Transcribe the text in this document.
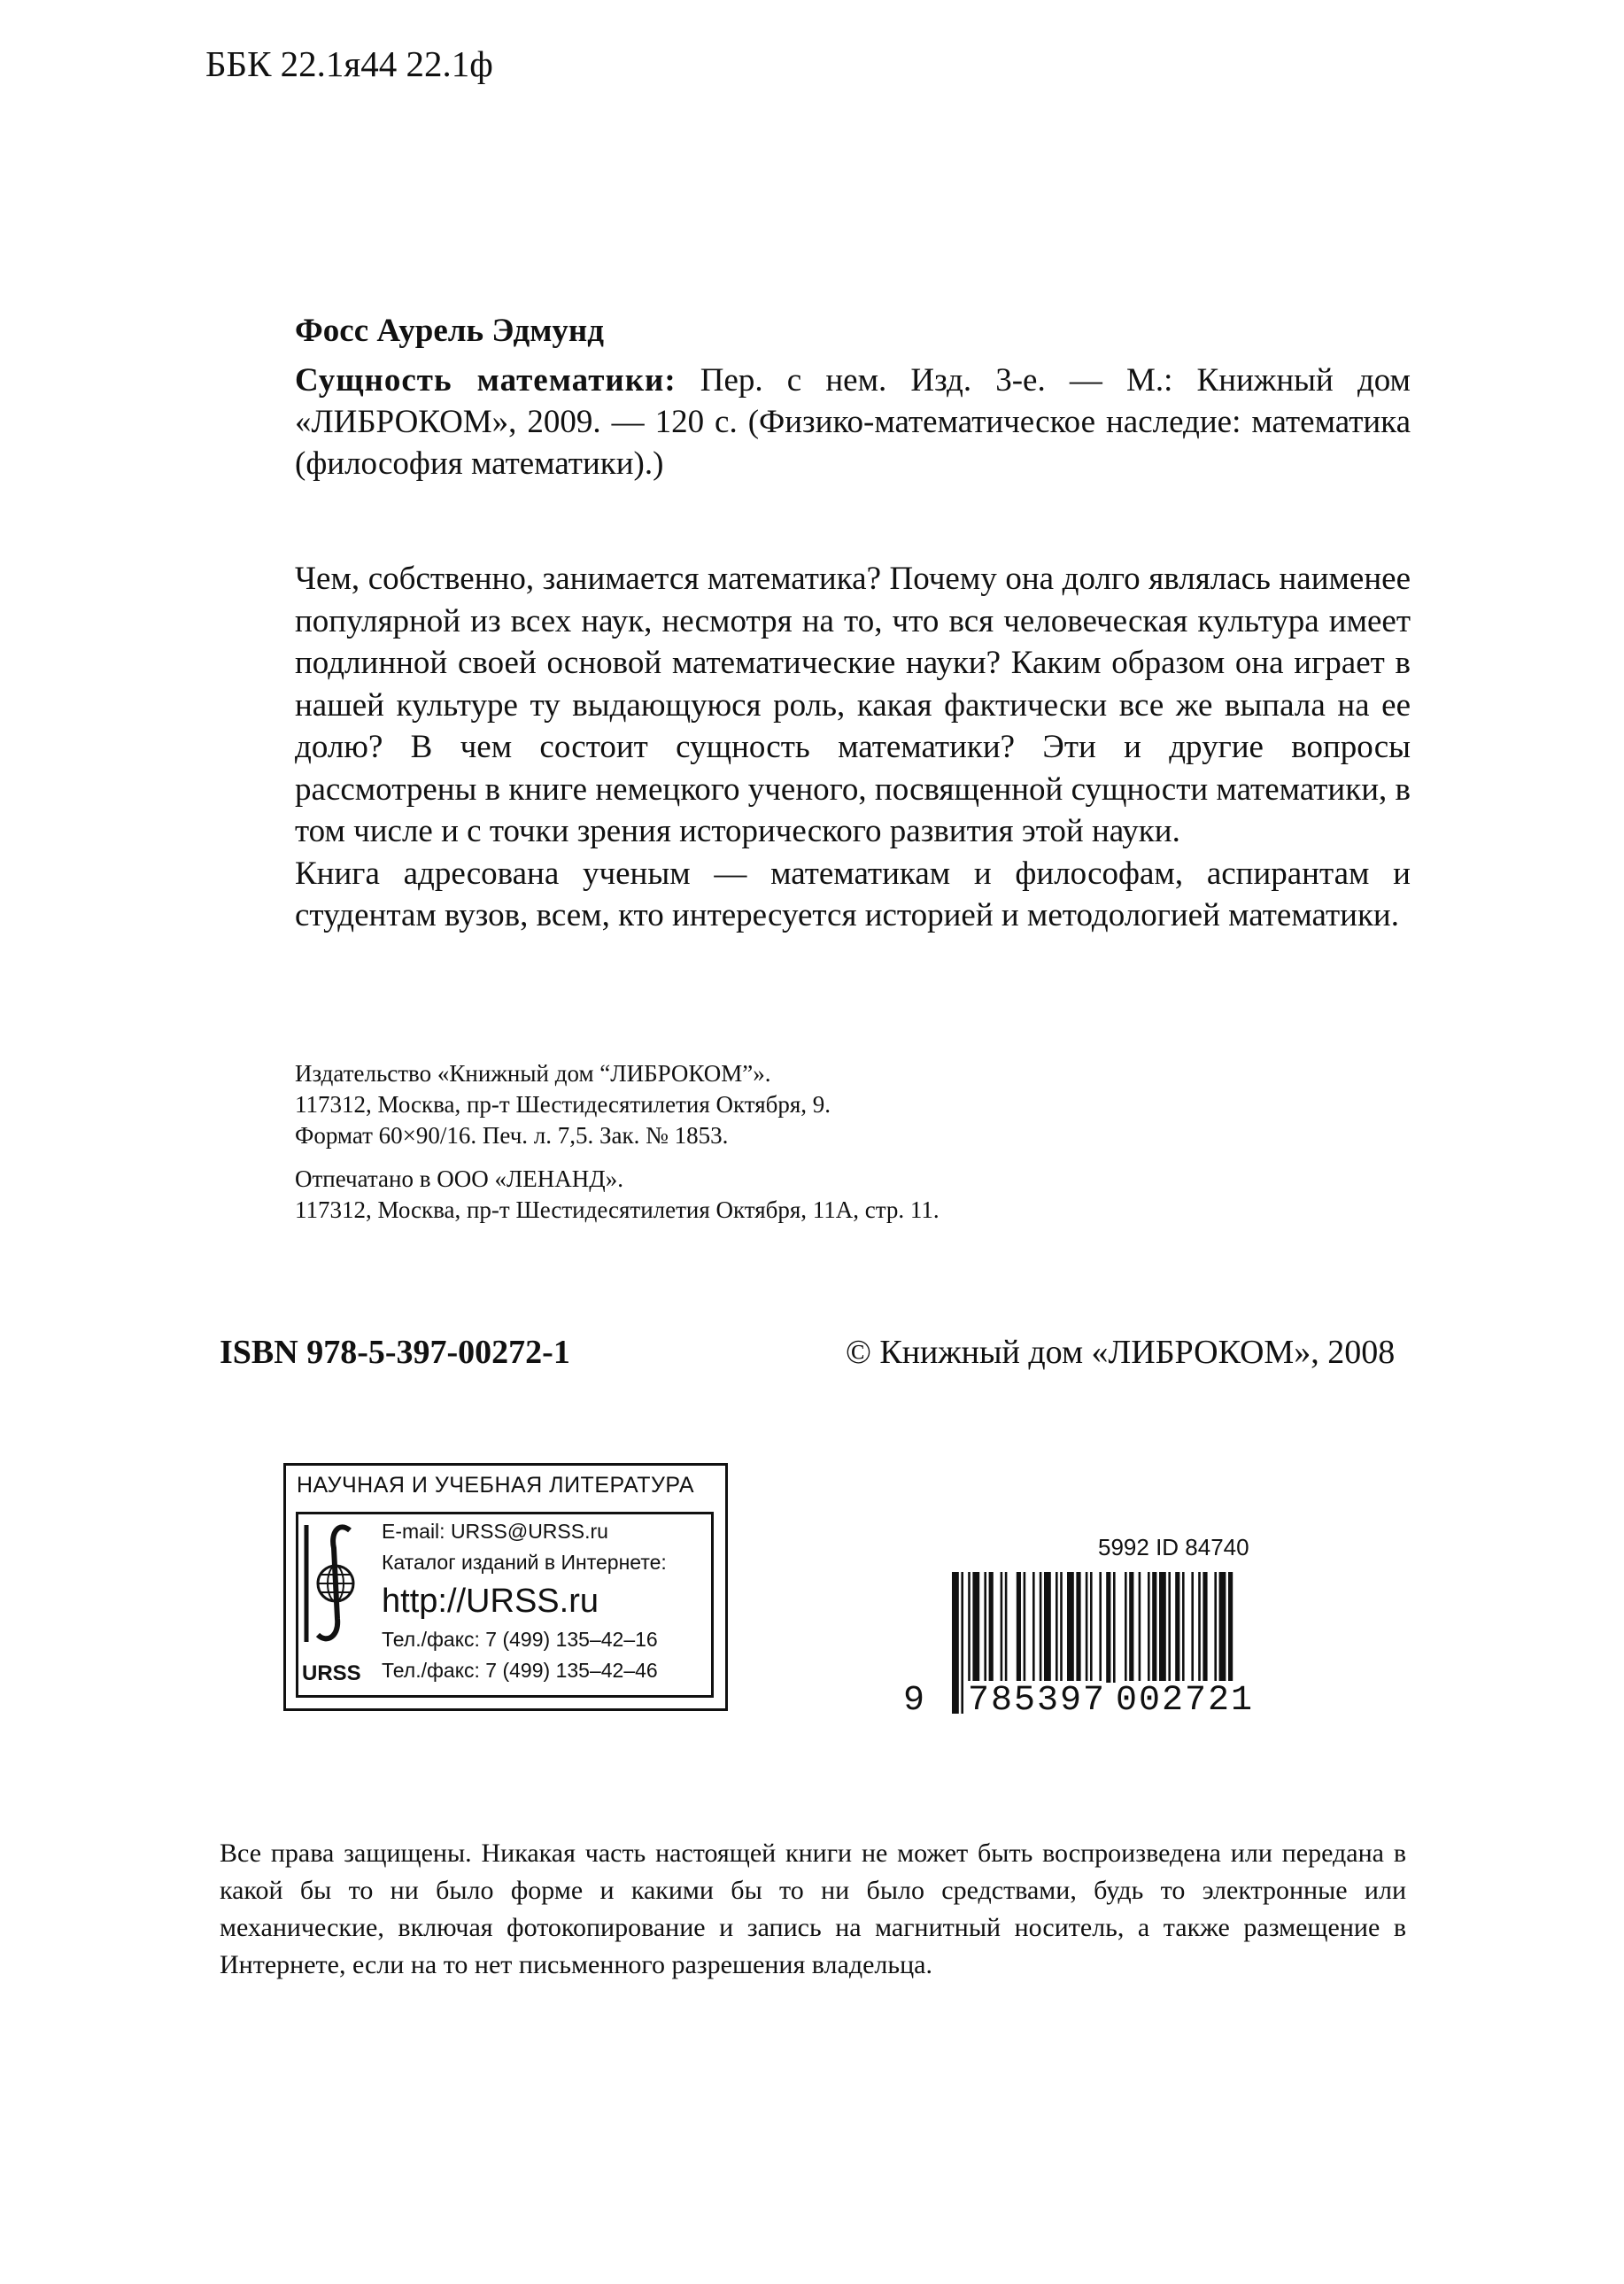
ББК 22.1я44 22.1ф
Фосс Аурель Эдмунд
Сущность математики: Пер. с нем. Изд. 3-е. — М.: Книжный дом «ЛИБРОКОМ», 2009. — 120 с. (Физико-математическое наследие: математика (философия математики).)

Чем, собственно, занимается математика? Почему она долго являлась наименее популярной из всех наук, несмотря на то, что вся человеческая культура имеет подлинной своей основой математические науки? Каким образом она играет в нашей культуре ту выдающуюся роль, какая фактически все же выпала на ее долю? В чем состоит сущность математики? Эти и другие вопросы рассмотрены в книге немецкого ученого, посвященной сущности математики, в том числе и с точки зрения исторического развития этой науки.

Книга адресована ученым — математикам и философам, аспирантам и студентам вузов, всем, кто интересуется историей и методологией математики.

Издательство «Книжный дом “ЛИБРОКОМ”».
117312, Москва, пр-т Шестидесятилетия Октября, 9.
Формат 60×90/16. Печ. л. 7,5. Зак. № 1853.
Отпечатано в ООО «ЛЕНАНД».
117312, Москва, пр-т Шестидесятилетия Октября, 11А, стр. 11.
ISBN 978-5-397-00272-1	© Книжный дом «ЛИБРОКОМ», 2008
НАУЧНАЯ И УЧЕБНАЯ ЛИТЕРАТУРА
URSS
E-mail: URSS@URSS.ru
Каталог изданий в Интернете:
http://URSS.ru
Тел./факс: 7 (499) 135–42–16
Тел./факс: 7 (499) 135–42–46
5992 ID 84740
9 785397 002721
Все права защищены. Никакая часть настоящей книги не может быть воспроизведена или передана в какой бы то ни было форме и какими бы то ни было средствами, будь то электронные или механические, включая фотокопирование и запись на магнитный носитель, а также размещение в Интернете, если на то нет письменного разрешения владельца.
